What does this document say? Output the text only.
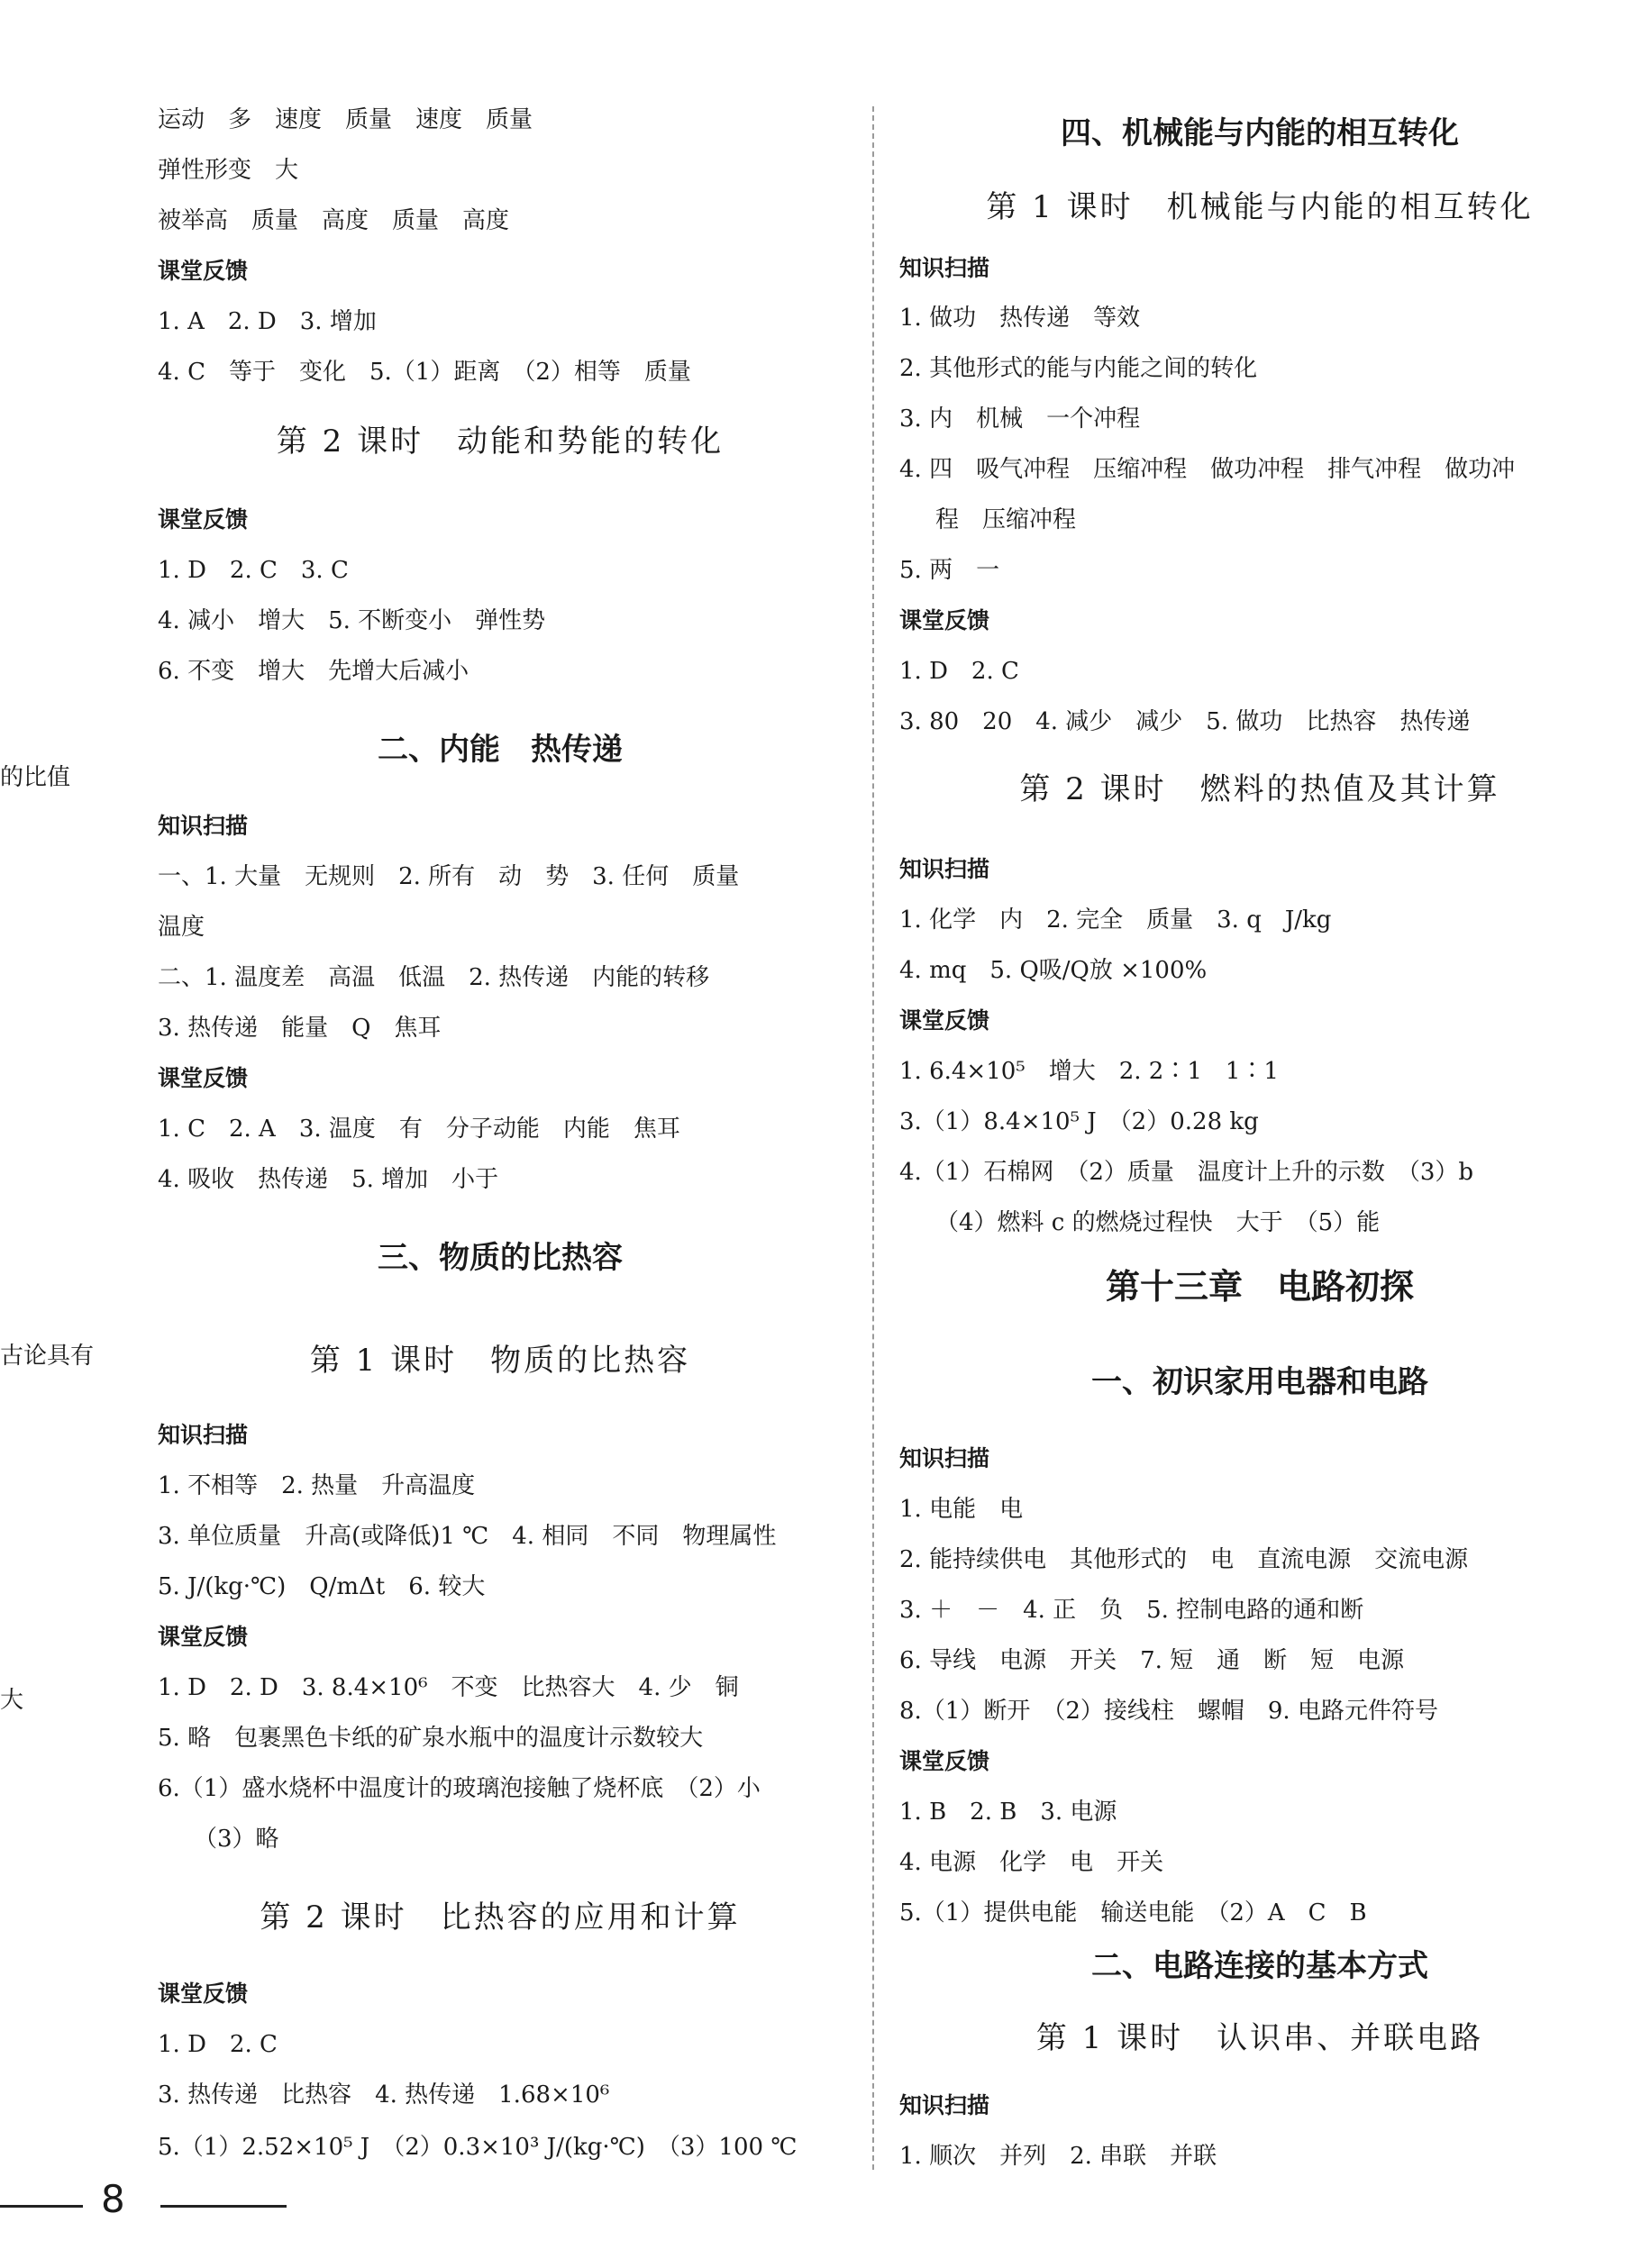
的比值
古论具有
大
运动　多　速度　质量　速度　质量
弹性形变　大
被举高　质量　高度　质量　高度
课堂反馈
1. A　2. D　3. 增加
4. C　等于　变化　5.（1）距离　（2）相等　质量
第 2 课时　动能和势能的转化
课堂反馈
1. D　2. C　3. C
4. 减小　增大　5. 不断变小　弹性势
6. 不变　增大　先增大后减小
二、内能　热传递
知识扫描
一、1. 大量　无规则　2. 所有　动　势　3. 任何　质量
温度
二、1. 温度差　高温　低温　2. 热传递　内能的转移
3. 热传递　能量　Q　焦耳
课堂反馈
1. C　2. A　3. 温度　有　分子动能　内能　焦耳
4. 吸收　热传递　5. 增加　小于
三、物质的比热容
第 1 课时　物质的比热容
知识扫描
1. 不相等　2. 热量　升高温度
3. 单位质量　升高(或降低)1 ℃　4. 相同　不同　物理属性
5. J/(kg·℃)　Q/mΔt　6. 较大
课堂反馈
1. D　2. D　3. 8.4×10⁶　不变　比热容大　4. 少　铜
5. 略　包裹黑色卡纸的矿泉水瓶中的温度计示数较大
6.（1）盛水烧杯中温度计的玻璃泡接触了烧杯底　（2）小
（3）略
第 2 课时　比热容的应用和计算
课堂反馈
1. D　2. C
3. 热传递　比热容　4. 热传递　1.68×10⁶
5.（1）2.52×10⁵ J　（2）0.3×10³ J/(kg·℃)　（3）100 ℃
四、机械能与内能的相互转化
第 1 课时　机械能与内能的相互转化
知识扫描
1. 做功　热传递　等效
2. 其他形式的能与内能之间的转化
3. 内　机械　一个冲程
4. 四　吸气冲程　压缩冲程　做功冲程　排气冲程　做功冲
程　压缩冲程
5. 两　一
课堂反馈
1. D　2. C
3. 80　20　4. 减少　减少　5. 做功　比热容　热传递
第 2 课时　燃料的热值及其计算
知识扫描
1. 化学　内　2. 完全　质量　3. q　J/kg
4. mq　5. Q吸/Q放 ×100%
课堂反馈
1. 6.4×10⁵　增大　2. 2∶1　1∶1
3.（1）8.4×10⁵ J　（2）0.28 kg
4.（1）石棉网　（2）质量　温度计上升的示数　（3）b
（4）燃料 c 的燃烧过程快　大于　（5）能
第十三章　电路初探
一、初识家用电器和电路
知识扫描
1. 电能　电
2. 能持续供电　其他形式的　电　直流电源　交流电源
3. ＋　－　4. 正　负　5. 控制电路的通和断
6. 导线　电源　开关　7. 短　通　断　短　电源
8.（1）断开　（2）接线柱　螺帽　9. 电路元件符号
课堂反馈
1. B　2. B　3. 电源
4. 电源　化学　电　开关
5.（1）提供电能　输送电能　（2）A　C　B
二、电路连接的基本方式
第 1 课时　认识串、并联电路
知识扫描
1. 顺次　并列　2. 串联　并联
8
